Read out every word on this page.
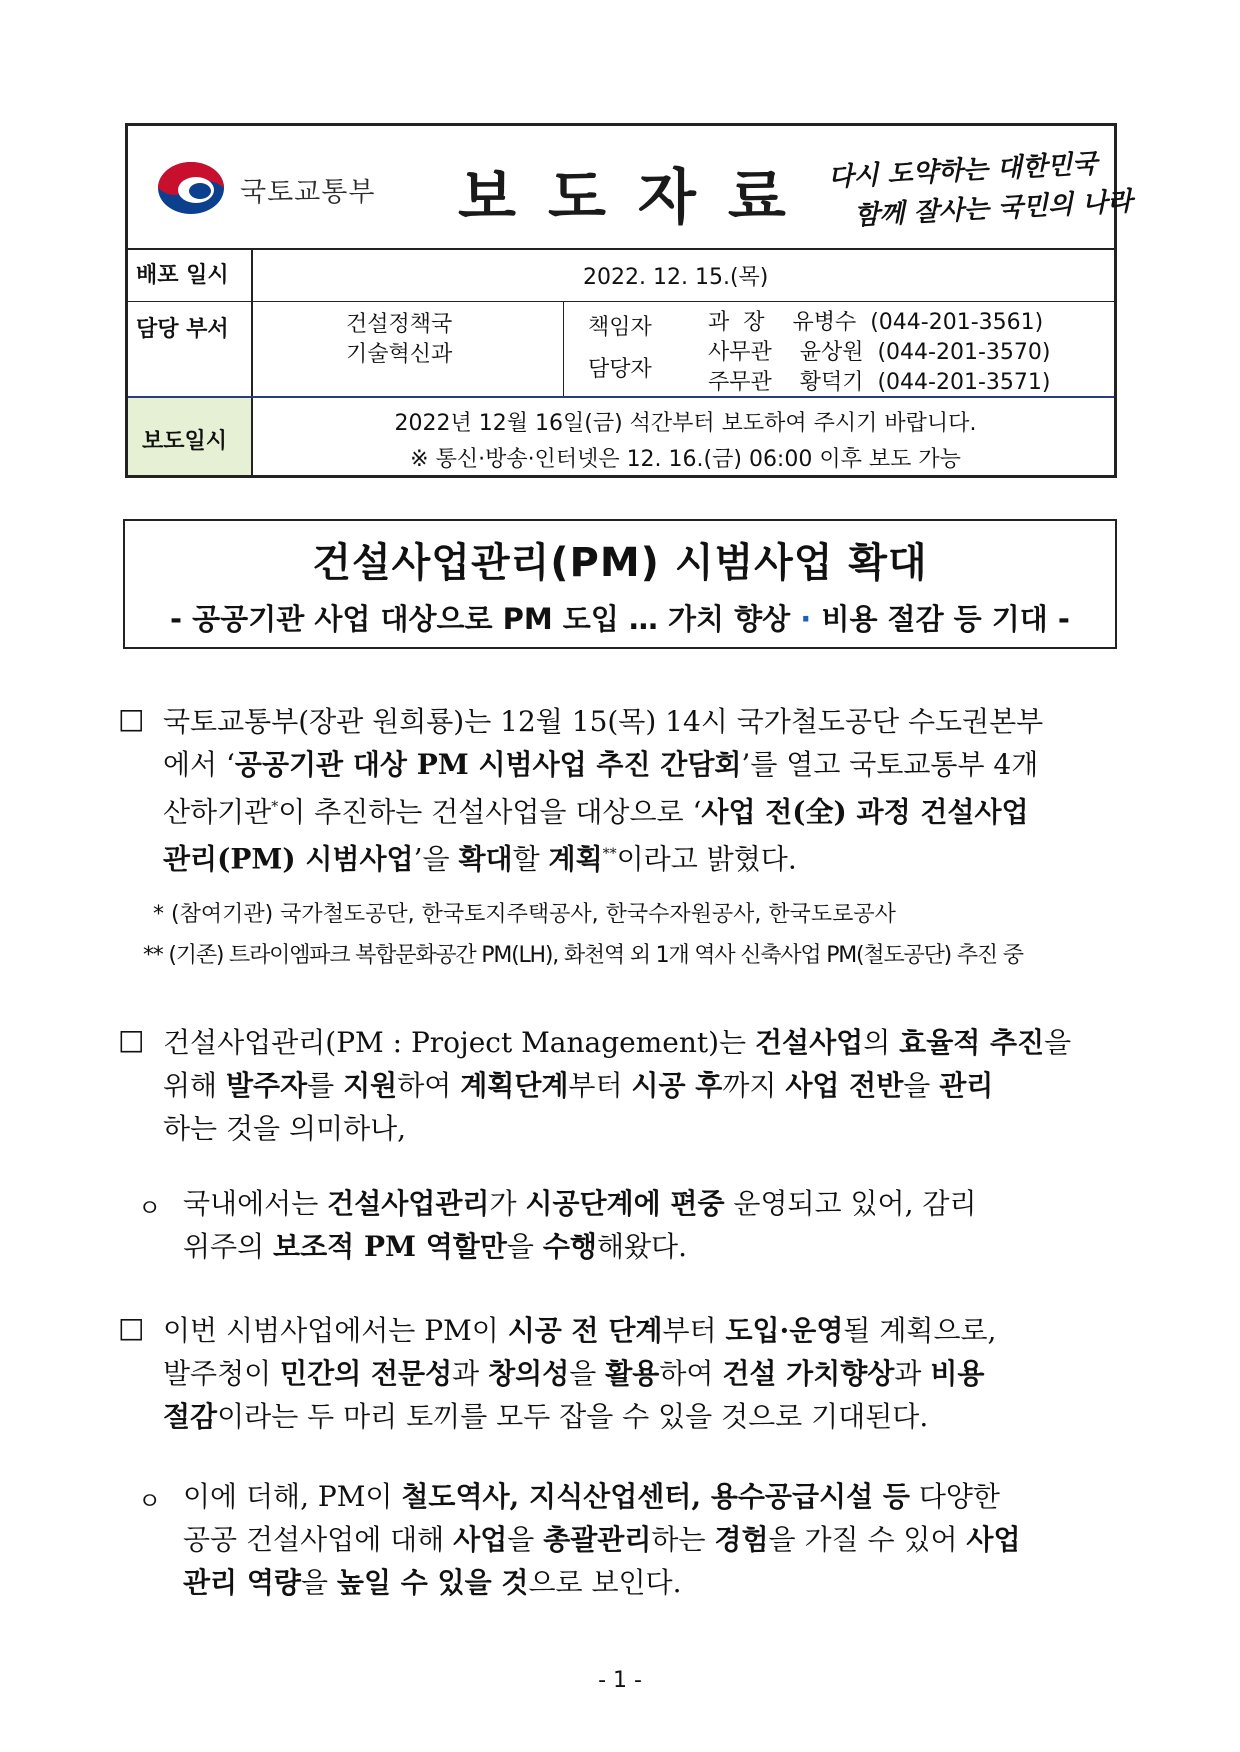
국토교통부 보도자료 다시 도약하는 대한민국
함께 잘사는 국민의 나라
배포 일시	2022. 12. 15.(목)
담당 부서	건설정책국
기술혁신과
책임자
담당자
과  장    유병수  (044-201-3561)
사무관    윤상원  (044-201-3570)
주무관    황덕기  (044-201-3571)
보도일시
2022년 12월 16일(금) 석간부터 보도하여 주시기 바랍니다.
※ 통신·방송·인터넷은 12. 16.(금) 06:00 이후 보도 가능
건설사업관리(PM) 시범사업 확대
- 공공기관 사업 대상으로 PM 도입 … 가치 향상 · 비용 절감 등 기대 -
□ 국토교통부(장관 원희룡)는 12월 15(목) 14시 국가철도공단 수도권본부
에서 ‘공공기관 대상 PM 시범사업 추진 간담회’를 열고 국토교통부 4개
산하기관*이 추진하는 건설사업을 대상으로 ‘사업 전(全) 과정 건설사업
관리(PM) 시범사업’을 확대할 계획**이라고 밝혔다.
* (참여기관) 국가철도공단, 한국토지주택공사, 한국수자원공사, 한국도로공사
** (기존) 트라이엠파크 복합문화공간 PM(LH), 화천역 외 1개 역사 신축사업 PM(철도공단) 추진 중
□ 건설사업관리(PM : Project Management)는 건설사업의 효율적 추진을
위해 발주자를 지원하여 계획단계부터 시공 후까지 사업 전반을 관리
하는 것을 의미하나,
ㅇ 국내에서는 건설사업관리가 시공단계에 편중 운영되고 있어, 감리
위주의 보조적 PM 역할만을 수행해왔다.
□ 이번 시범사업에서는 PM이 시공 전 단계부터 도입·운영될 계획으로,
발주청이 민간의 전문성과 창의성을 활용하여 건설 가치향상과 비용
절감이라는 두 마리 토끼를 모두 잡을 수 있을 것으로 기대된다.
ㅇ 이에 더해, PM이 철도역사, 지식산업센터, 용수공급시설 등 다양한
공공 건설사업에 대해 사업을 총괄관리하는 경험을 가질 수 있어 사업
관리 역량을 높일 수 있을 것으로 보인다.
- 1 -
